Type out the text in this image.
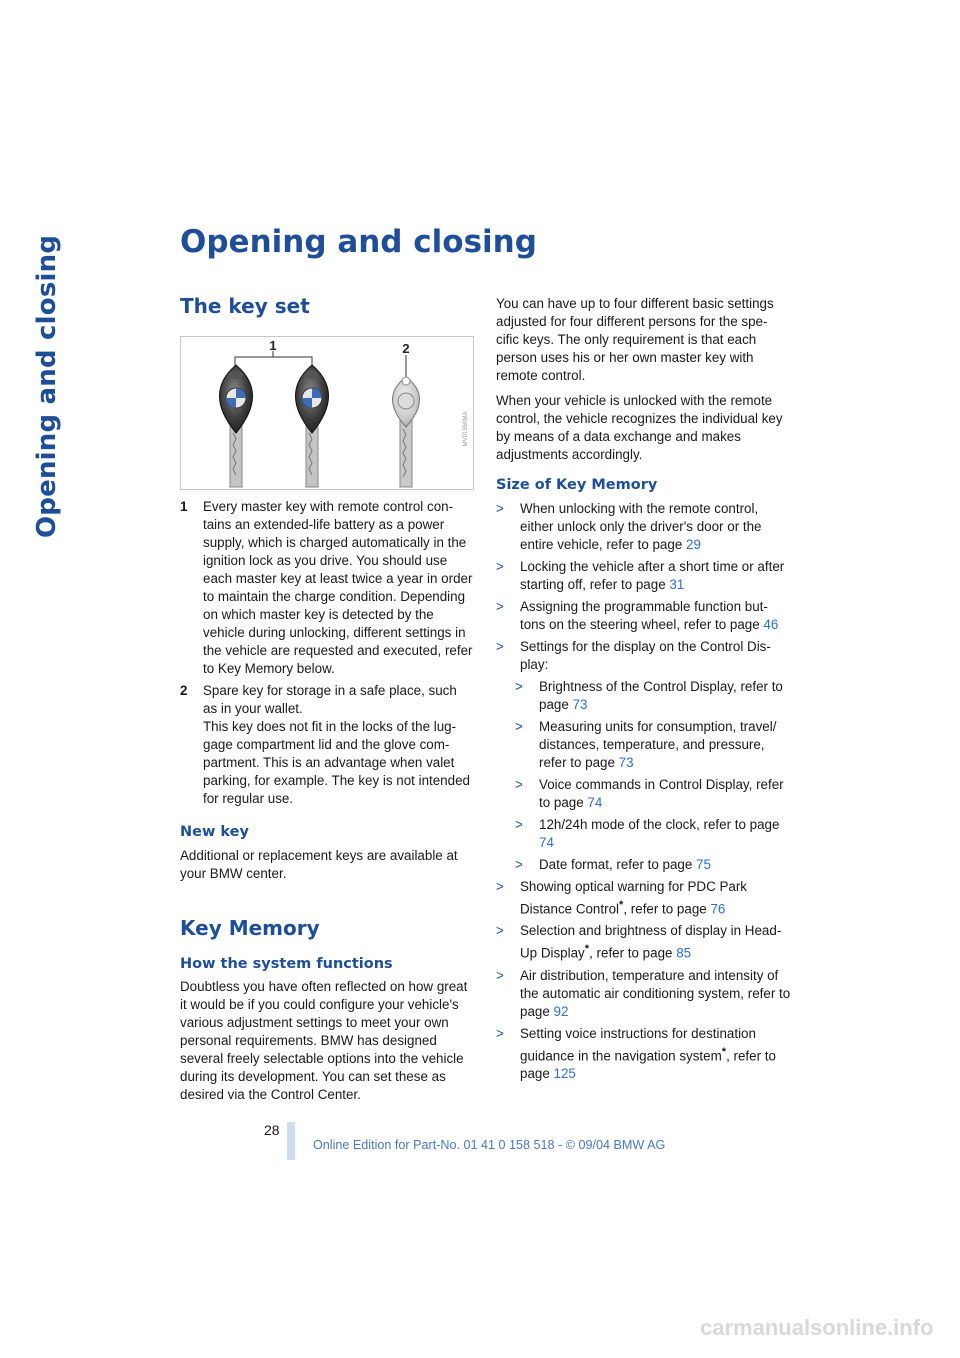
Opening and closing	Opening and closing
The key set
1	2
MV01950MA
1	Every master key with remote control con-tains an extended-life battery as a power supply, which is charged automatically in the ignition lock as you drive. You should use each master key at least twice a year in order to maintain the charge condition. Depending on which master key is detected by the vehicle during unlocking, different settings in the vehicle are requested and executed, refer to Key Memory below.
2	Spare key for storage in a safe place, such as in your wallet.
This key does not fit in the locks of the lug-gage compartment lid and the glove com-partment. This is an advantage when valet parking, for example. The key is not intended for regular use.
New key
Additional or replacement keys are available at your BMW center.
Key Memory
How the system functions
Doubtless you have often reflected on how great it would be if you could configure your vehicle's various adjustment settings to meet your own personal requirements. BMW has designed several freely selectable options into the vehicle during its development. You can set these as desired via the Control Center.
You can have up to four different basic settings adjusted for four different persons for the spe-cific keys. The only requirement is that each person uses his or her own master key with remote control.
When your vehicle is unlocked with the remote control, the vehicle recognizes the individual key by means of a data exchange and makes adjustments accordingly.
Size of Key Memory
>	When unlocking with the remote control, either unlock only the driver's door or the entire vehicle, refer to page 29
>	Locking the vehicle after a short time or after starting off, refer to page 31
>	Assigning the programmable function but-tons on the steering wheel, refer to page 46
>	Settings for the display on the Control Dis-play:
>	Brightness of the Control Display, refer to page 73
>	Measuring units for consumption, travel/ distances, temperature, and pressure, refer to page 73
>	Voice commands in Control Display, refer to page 74
>	12h/24h mode of the clock, refer to page 74
>	Date format, refer to page 75
>	Showing optical warning for PDC Park Distance Control*, refer to page 76
>	Selection and brightness of display in Head-Up Display*, refer to page 85
>	Air distribution, temperature and intensity of the automatic air conditioning system, refer to page 92
>	Setting voice instructions for destination guidance in the navigation system*, refer to page 125
28
Online Edition for Part-No. 01 41 0 158 518 - © 09/04 BMW AG
carmanualsonline.info
